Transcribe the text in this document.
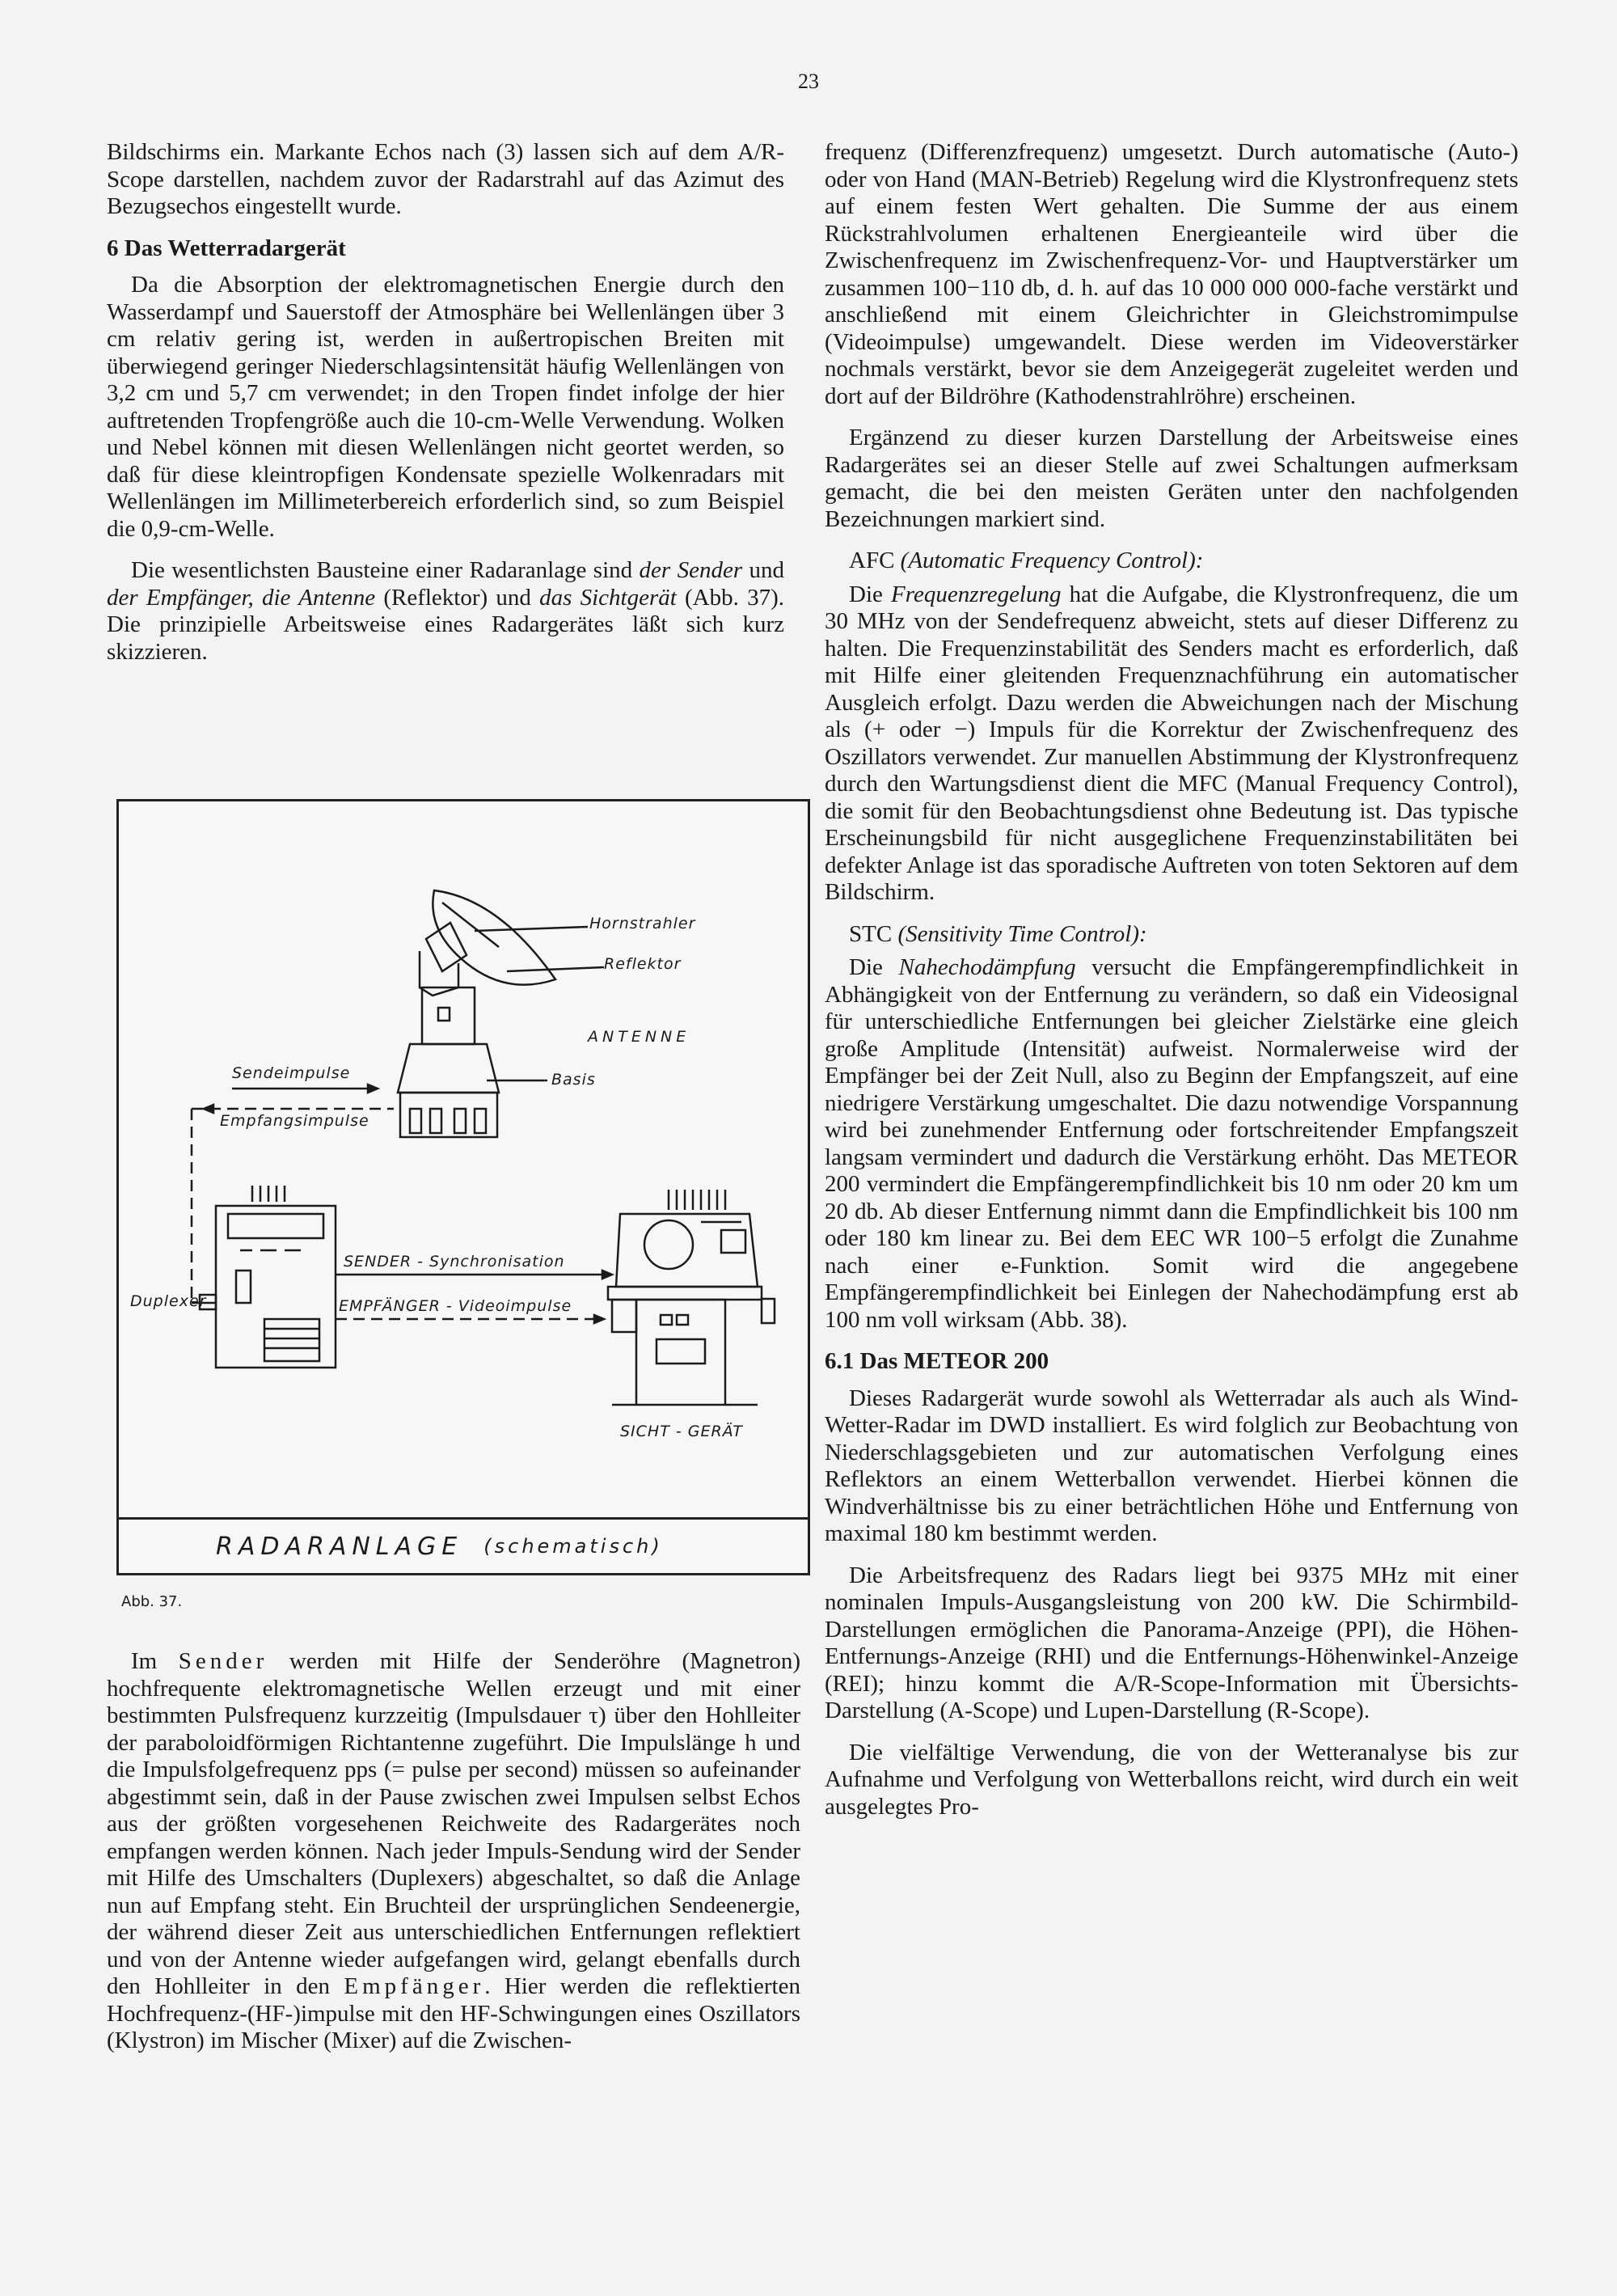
23

Bildschirms ein. Markante Echos nach (3) lassen sich auf dem A/R-Scope darstellen, nachdem zuvor der Radarstrahl auf das Azimut des Bezugsechos eingestellt wurde.

6 Das Wetterradargerät

Da die Absorption der elektromagnetischen Energie durch den Wasserdampf und Sauerstoff der Atmosphäre bei Wellenlängen über 3 cm relativ gering ist, werden in außertropischen Breiten mit überwiegend geringer Niederschlagsintensität häufig Wellenlängen von 3,2 cm und 5,7 cm verwendet; in den Tropen findet infolge der hier auftretenden Tropfengröße auch die 10-cm-Welle Verwendung. Wolken und Nebel können mit diesen Wellenlängen nicht geortet werden, so daß für diese kleintropfigen Kondensate spezielle Wolkenradars mit Wellenlängen im Millimeterbereich erforderlich sind, so zum Beispiel die 0,9-cm-Welle.

Die wesentlichsten Bausteine einer Radaranlage sind der Sender und der Empfänger, die Antenne (Reflektor) und das Sichtgerät (Abb. 37). Die prinzipielle Arbeitsweise eines Radargerätes läßt sich kurz skizzieren.

Hornstrahler
Reflektor
ANTENNE
Basis
Sendeimpulse
Empfangsimpulse
SENDER - Synchronisation
EMPFÄNGER - Videoimpulse
Duplexer
SICHT - GERÄT
RADARANLAGE (schematisch)
Abb. 37.

Im Sender werden mit Hilfe der Senderöhre (Magnetron) hochfrequente elektromagnetische Wellen erzeugt und mit einer bestimmten Pulsfrequenz kurzzeitig (Impulsdauer τ) über den Hohlleiter der paraboloidförmigen Richtantenne zugeführt. Die Impulslänge h und die Impulsfolgefrequenz pps (= pulse per second) müssen so aufeinander abgestimmt sein, daß in der Pause zwischen zwei Impulsen selbst Echos aus der größten vorgesehenen Reichweite des Radargerätes noch empfangen werden können. Nach jeder Impuls-Sendung wird der Sender mit Hilfe des Umschalters (Duplexers) abgeschaltet, so daß die Anlage nun auf Empfang steht. Ein Bruchteil der ursprünglichen Sendeenergie, der während dieser Zeit aus unterschiedlichen Entfernungen reflektiert und von der Antenne wieder aufgefangen wird, gelangt ebenfalls durch den Hohlleiter in den Empfänger. Hier werden die reflektierten Hochfrequenz-(HF-)impulse mit den HF-Schwingungen eines Oszillators (Klystron) im Mischer (Mixer) auf die Zwischen-

frequenz (Differenzfrequenz) umgesetzt. Durch automatische (Auto-) oder von Hand (MAN-Betrieb) Regelung wird die Klystronfrequenz stets auf einem festen Wert gehalten. Die Summe der aus einem Rückstrahlvolumen erhaltenen Energieanteile wird über die Zwischenfrequenz im Zwischenfrequenz-Vor- und Hauptverstärker um zusammen 100−110 db, d. h. auf das 10 000 000 000-fache verstärkt und anschließend mit einem Gleichrichter in Gleichstromimpulse (Videoimpulse) umgewandelt. Diese werden im Videoverstärker nochmals verstärkt, bevor sie dem Anzeigegerät zugeleitet werden und dort auf der Bildröhre (Kathodenstrahlröhre) erscheinen.

Ergänzend zu dieser kurzen Darstellung der Arbeitsweise eines Radargerätes sei an dieser Stelle auf zwei Schaltungen aufmerksam gemacht, die bei den meisten Geräten unter den nachfolgenden Bezeichnungen markiert sind.

AFC (Automatic Frequency Control):

Die Frequenzregelung hat die Aufgabe, die Klystronfrequenz, die um 30 MHz von der Sendefrequenz abweicht, stets auf dieser Differenz zu halten. Die Frequenzinstabilität des Senders macht es erforderlich, daß mit Hilfe einer gleitenden Frequenznachführung ein automatischer Ausgleich erfolgt. Dazu werden die Abweichungen nach der Mischung als (+ oder −) Impuls für die Korrektur der Zwischenfrequenz des Oszillators verwendet. Zur manuellen Abstimmung der Klystronfrequenz durch den Wartungsdienst dient die MFC (Manual Frequency Control), die somit für den Beobachtungsdienst ohne Bedeutung ist. Das typische Erscheinungsbild für nicht ausgeglichene Frequenzinstabilitäten bei defekter Anlage ist das sporadische Auftreten von toten Sektoren auf dem Bildschirm.

STC (Sensitivity Time Control):

Die Nahechodämpfung versucht die Empfängerempfindlichkeit in Abhängigkeit von der Entfernung zu verändern, so daß ein Videosignal für unterschiedliche Entfernungen bei gleicher Zielstärke eine gleich große Amplitude (Intensität) aufweist. Normalerweise wird der Empfänger bei der Zeit Null, also zu Beginn der Empfangszeit, auf eine niedrigere Verstärkung umgeschaltet. Die dazu notwendige Vorspannung wird bei zunehmender Entfernung oder fortschreitender Empfangszeit langsam vermindert und dadurch die Verstärkung erhöht. Das METEOR 200 vermindert die Empfängerempfindlichkeit bis 10 nm oder 20 km um 20 db. Ab dieser Entfernung nimmt dann die Empfindlichkeit bis 100 nm oder 180 km linear zu. Bei dem EEC WR 100−5 erfolgt die Zunahme nach einer e-Funktion. Somit wird die angegebene Empfängerempfindlichkeit bei Einlegen der Nahechodämpfung erst ab 100 nm voll wirksam (Abb. 38).

6.1 Das METEOR 200

Dieses Radargerät wurde sowohl als Wetterradar als auch als Wind-Wetter-Radar im DWD installiert. Es wird folglich zur Beobachtung von Niederschlagsgebieten und zur automatischen Verfolgung eines Reflektors an einem Wetterballon verwendet. Hierbei können die Windverhältnisse bis zu einer beträchtlichen Höhe und Entfernung von maximal 180 km bestimmt werden.

Die Arbeitsfrequenz des Radars liegt bei 9375 MHz mit einer nominalen Impuls-Ausgangsleistung von 200 kW. Die Schirmbild-Darstellungen ermöglichen die Panorama-Anzeige (PPI), die Höhen-Entfernungs-Anzeige (RHI) und die Entfernungs-Höhenwinkel-Anzeige (REI); hinzu kommt die A/R-Scope-Information mit Übersichts-Darstellung (A-Scope) und Lupen-Darstellung (R-Scope).

Die vielfältige Verwendung, die von der Wetteranalyse bis zur Aufnahme und Verfolgung von Wetterballons reicht, wird durch ein weit ausgelegtes Pro-
